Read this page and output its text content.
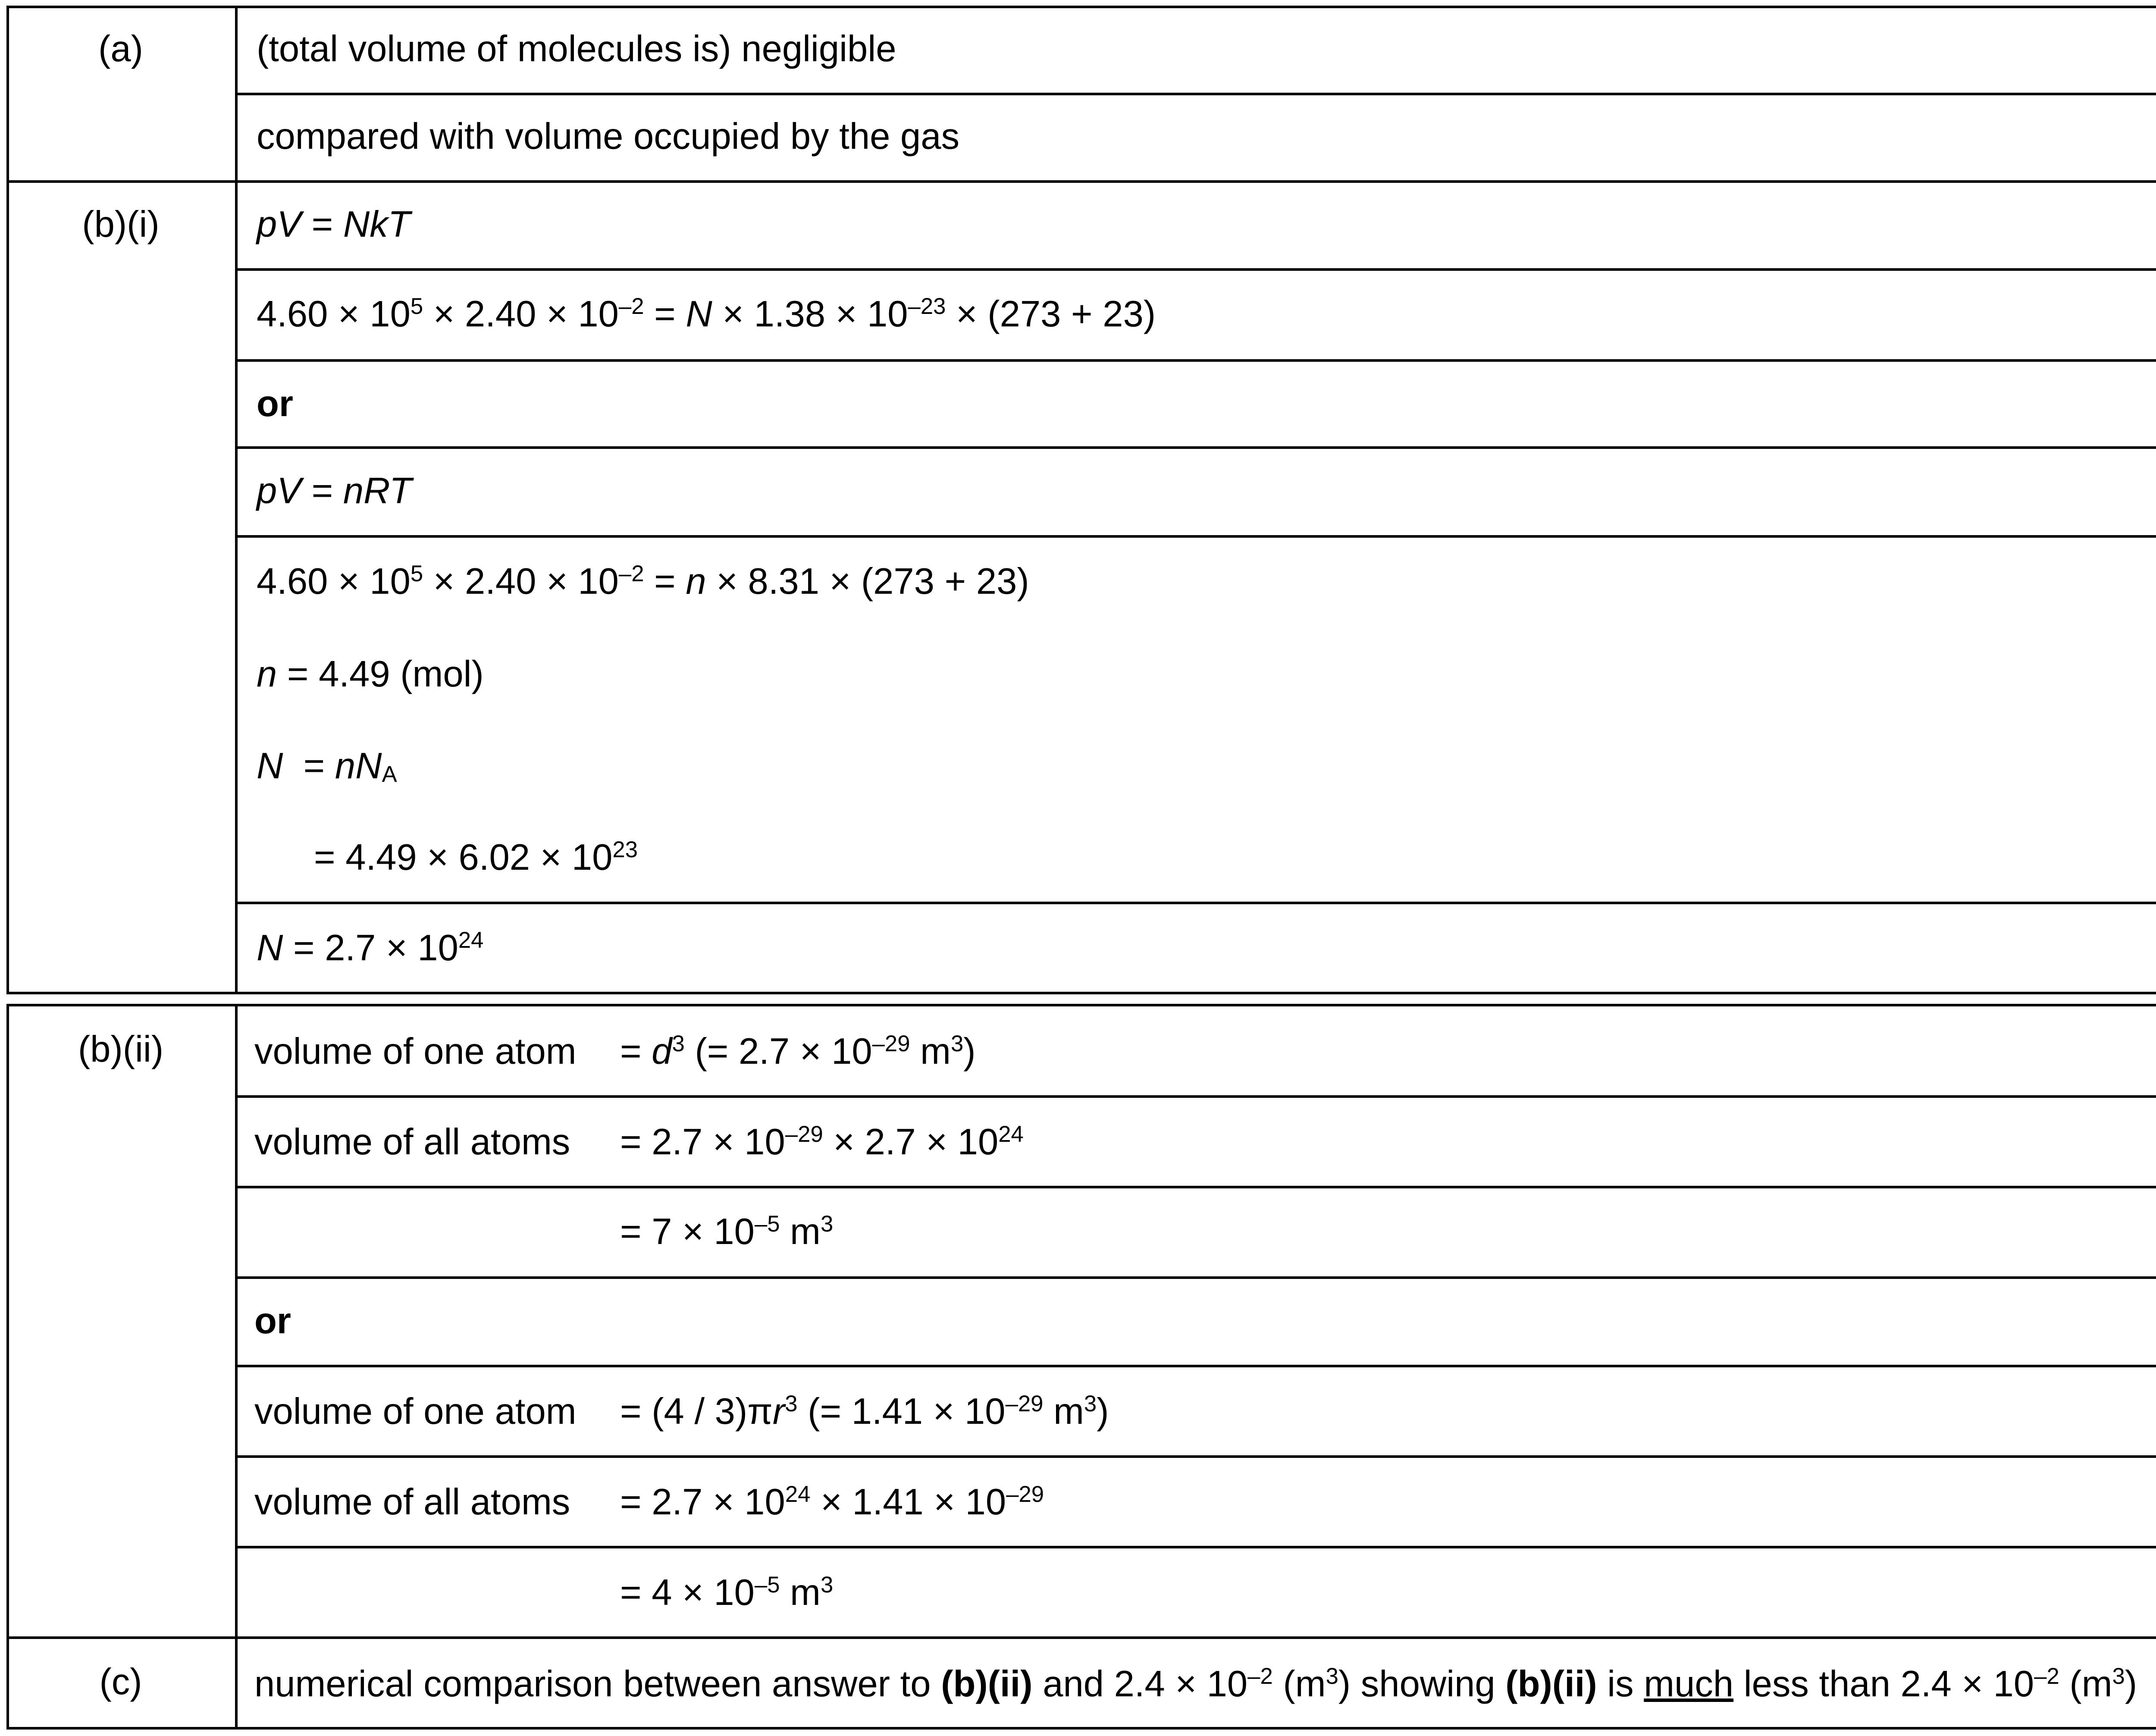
(a)	(total volume of molecules is) negligible
compared with volume occupied by the gas
(b)(i)	pV = NkT
$4.60 \times 10^5 \times 2.40 \times 10^{-2} = N \times 1.38 \times 10^{-23} \times (273 + 23)$
or
pV = nRT
$4.60 \times 10^5 \times 2.40 \times 10^{-2} = n \times 8.31 \times (273 + 23)$
n = 4.49 (mol)
$N = nN_A$
= $4.49 \times 6.02 \times 10^{23}$
$N = 2.7 \times 10^{24}$
(b)(ii)	volume of one atom = $d^3$ (= $2.7 \times 10^{-29}$ $m^3$)
volume of all atoms = $2.7 \times 10^{-29} \times 2.7 \times 10^{24}$
= $7 \times 10^{-5}$ $m^3$
or
volume of one atom = $(4 / 3)\pi r^3$ (= $1.41 \times 10^{-29}$ $m^3$)
volume of all atoms = $2.7 \times 10^{24} \times 1.41 \times 10^{-29}$
= $4 \times 10^{-5}$ $m^3$
(c)	numerical comparison between answer to (b)(ii) and $2.4 \times 10^{-2}$ $(m^3)$ showing (b)(ii) is much less than $2.4 \times 10^{-2}$ $(m^3)$
